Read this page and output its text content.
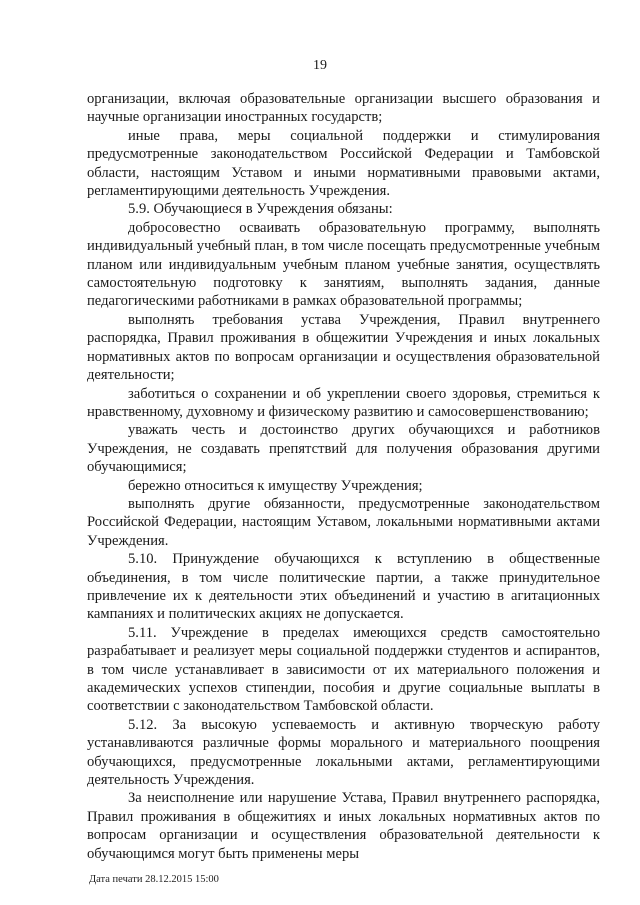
19

организации, включая образовательные организации высшего образования и научные организации иностранных государств;

иные права, меры социальной поддержки и стимулирования предусмотренные законодательством Российской Федерации и Тамбовской области, настоящим Уставом и иными нормативными правовыми актами, регламентирующими деятельность Учреждения.

5.9. Обучающиеся в Учреждения обязаны:

добросовестно осваивать образовательную программу, выполнять индивидуальный учебный план, в том числе посещать предусмотренные учебным планом или индивидуальным учебным планом учебные занятия, осуществлять самостоятельную подготовку к занятиям, выполнять задания, данные педагогическими работниками в рамках образовательной программы;

выполнять требования устава Учреждения, Правил внутреннего распорядка, Правил проживания в общежитии Учреждения и иных локальных нормативных актов по вопросам организации и осуществления образовательной деятельности;

заботиться о сохранении и об укреплении своего здоровья, стремиться к нравственному, духовному и физическому развитию и самосовершенствованию;

уважать честь и достоинство других обучающихся и работников Учреждения, не создавать препятствий для получения образования другими обучающимися;

бережно относиться к имуществу Учреждения;

выполнять другие обязанности, предусмотренные законодательством Российской Федерации, настоящим Уставом, локальными нормативными актами Учреждения.

5.10. Принуждение обучающихся к вступлению в общественные объединения, в том числе политические партии, а также принудительное привлечение их к деятельности этих объединений и участию в агитационных кампаниях и политических акциях не допускается.

5.11. Учреждение в пределах имеющихся средств самостоятельно разрабатывает и реализует меры социальной поддержки студентов и аспирантов, в том числе устанавливает в зависимости от их материального положения и академических успехов стипендии, пособия и другие социальные выплаты в соответствии с законодательством Тамбовской области.

5.12. За высокую успеваемость и активную творческую работу устанавливаются различные формы морального и материального поощрения обучающихся, предусмотренные локальными актами, регламентирующими деятельность Учреждения.

За неисполнение или нарушение Устава, Правил внутреннего распорядка, Правил проживания в общежитиях и иных локальных нормативных актов по вопросам организации и осуществления образовательной деятельности к обучающимся могут быть применены меры

Дата печати 28.12.2015 15:00
